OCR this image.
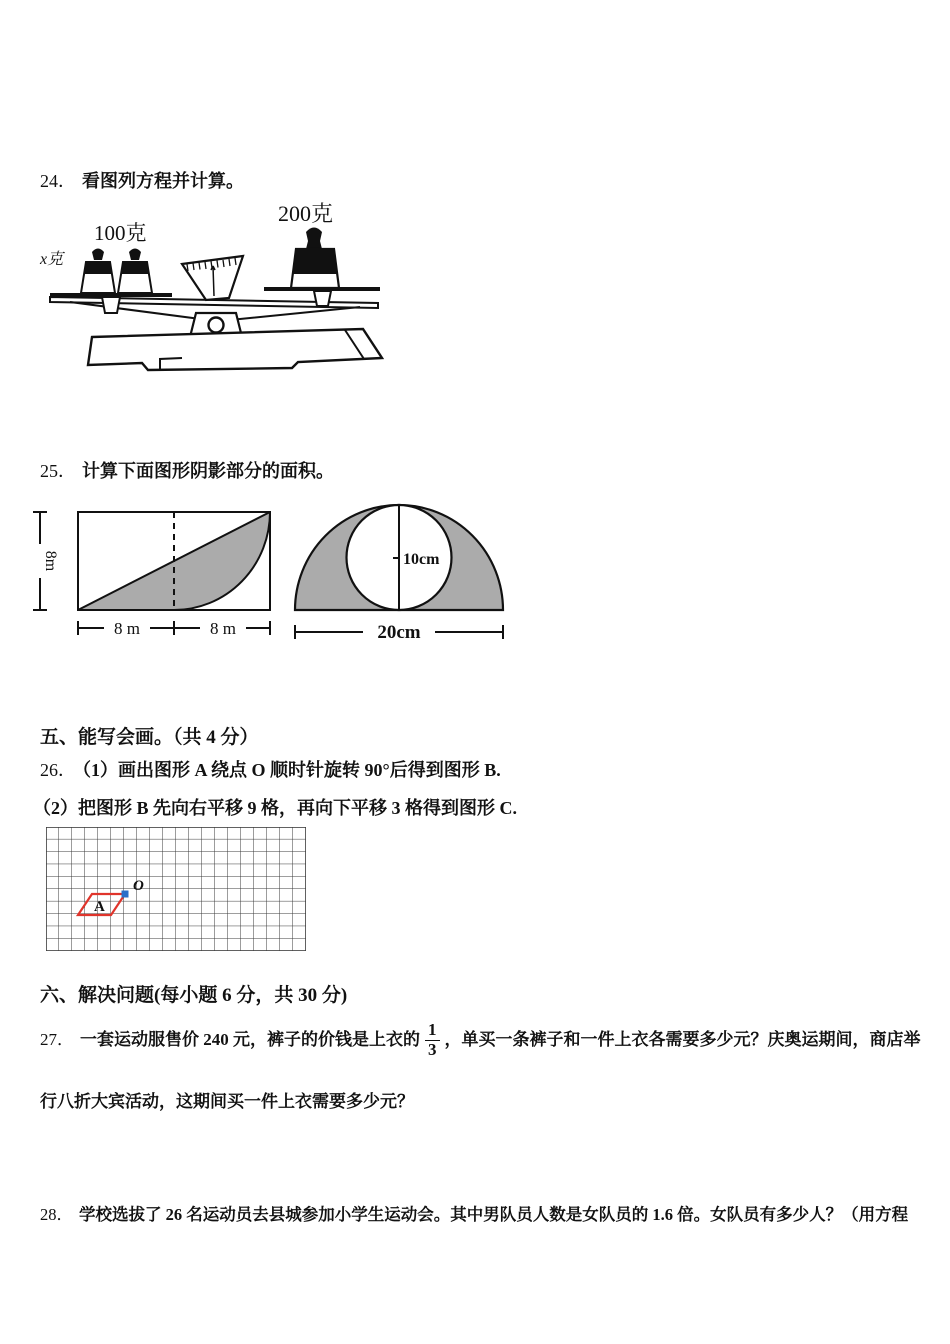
24． 看图列方程并计算。
x克
100克
200克
25． 计算下面图形阴影部分的面积。
8m
8 m	8 m
10cm
20cm
五、能写会画。（共 4 分）
26． （1）画出图形 A 绕点 O 顺时针旋转 90°后得到图形 B.
（2）把图形 B 先向右平移 9 格，再向下平移 3 格得到图形 C.
A
O
六、解决问题(每小题 6 分，共 30 分)
27． 一套运动服售价 240 元，裤子的价钱是上衣的 $\frac{1}{3}$ ，单买一条裤子和一件上衣各需要多少元？庆奥运期间，商店举
行八折大宾活动，这期间买一件上衣需要多少元？
28． 学校选拔了 26 名运动员去县城参加小学生运动会。其中男队员人数是女队员的 1.6 倍。女队员有多少人？（用方程
